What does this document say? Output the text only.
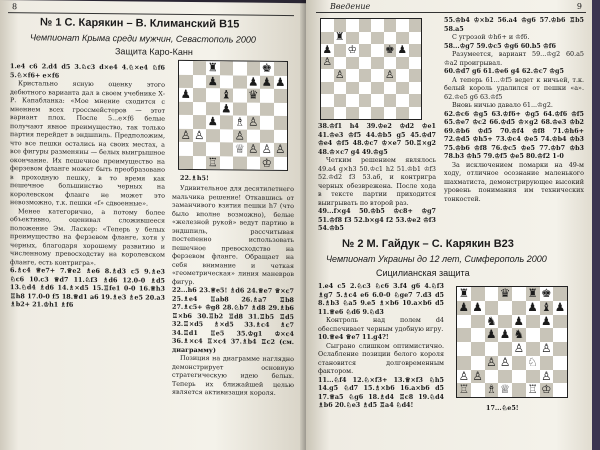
8
№ 1 С. Карякин – В. Климанский В15
Чемпионат Крыма среди мужчин, Севастополь 2000
Защита Каро-Канн

1.e4 c6 2.d4 d5 3.♘c3 d×e4 4.♘×e4 ♘f6 5.♘×f6+ e×f6

Кристально ясную оценку этого дебютного варианта дал в своем учебнике Х-Р. Капабланка: «Мое мнение сходится с мнением всех гроссмейстеров — этот вариант плох. После 5...e×f6 белые получают явное преимущество, так только партия перейдет в эндшпиль. Предположим, что все пешки остались на своих местах, а все фигуры разменяны — белых выигрышное окончание. Их пешечное преимущество на ферзевом фланге может быть преобразовано в проходную пешку, в то время как пешечное большинство черных на королевском фланге не может это невозможно, т.к. пешки «f» сдвоенные».

Менее категорично, а потому более объективно, оценивал сложившееся положение Эм. Ласкер: «Теперь у белых преимущество на ферзевом фланге, хотя у черных, благодаря хорошему развитию и численному превосходству на королевском фланге, есть контригра».

6.♗c4 ♕e7+ 7.♕e2 ♗e6 8.♗d3 c5 9.♗e3 ♘c6 10.c3 ♕d7 11.♘f3 ♗d6 12.0-0 ♗d5 13.♘d4 ♗d6 14.♗×d5 15.♖fe1 0-0 16.♕h3 ♖h8 17.0-0 f5 18.♕d1 a6 19.♗e3 ♗e5 20.a3 ♗b2+ 21.♔h1 ♗f6

♜	♚
♟	♟ ♟ ♟
♟	♝ ♛
♟
♟ ♗ ♙
♙ ♙	♙
♕ ♙ ♙ ♙
♖	♔
22.♗h5!

Удивительное для десятилетнего мальчика решение! Откавшись от заманчивого взятия пешки h7 (что было вполне возможно), белые «железной рукой» ведут партию в эндшпиль, рассчитывая постепенно использовать пешечное превосходство на ферзевом фланге. Обращает на себя внимание и четкая «геометрическая» линия маневров фигур.

22...h6 23.♕e5! ♗d6 24.♕e7 ♕×c7 25.♗e4 ♖ab8 26.♗a7 ♖b8 27.♗c5+ ♔g8 28.♘b7 ♗d8 29.♗b6 ♖×b6 30.♖b2 ♖d8 31.♖b5 ♖d5 32.♖×d5 ♗×d5 33.♗c4 ♗c7 34.♖d1 ♖e5 35.♔g1 ♔×c4 36.♗×c4 ♖×c4 37.♗b4 ♖c2 (см. диаграмму)

Позиция на диаграмме наглядно демонстрирует основную стратегическую идею белых. Теперь их ближайшей целью является активизация короля.

Введение	9
♜
♟ ♔	♚ ♟
♙
♙	♙

38.♔f1 h4 39.♔e2 ♔d2 ♔e1 41.♔e3 ♔f5 44.♔b5 g5 45.♔d7 ♔e4 ♔f5 48.♔c7 ♔×e7 50.♖×g2 48.♔×c7 g4 49.♔g5

Четким решением являлось 49.a4 g×h3 50.♔c1 h2 51.♔b1 ♔f3 52.♔d2 f3 53.a6, и контригра черных обезврежена. После хода в тексте партии приходится выигрывать по второй раз.

49...f×g4 50.♔b5 ♔c8+ ♔g7 51.♔f8 f3 52.b×g4 f2 53.♔e2 ♔f3 54.♔b5

55.♔b4 ♔×b2 56.a4 ♔g6 57.♔b6 ♖b5 58.a5

С угрозой ♔h6+ и ♔f6.

58...♔g7 59.♔c5 ♔g6 60.b5 ♔f6

Разумеется, вариант 59...♔g2 60.a5 ♔a2 проигрывал.

60.♔d7 g6 61.♔e6 g4 62.♔c7 ♔g5

А теперь 61...♔f5 ведет к ничьей, т.к. белый король удалился от пешки «a». 62.♔e5 g6 63.♔f5

Вновь ничью давало 61...♔g2.

62.♔c6 ♔g5 63.♔f6+ ♔g5 64.♔f6 ♔f5 65.♔e7 ♔c2 66.♔d5 ♔×g2 68.♔e3 ♔b2 69.♔b6 ♔d5 70.♔f4 ♔f8 71.♔h6+ 72.♔d5 ♔h5+ 73.♔c4 ♔e5 74.♔b4 ♔b3 75.♔b6 ♔f8 76.♔c5 ♔e5 77.♔b7 ♔b3 78.b3 ♔h5 79.♔f5 ♔e5 80.♔f2 1-0

За исключением помарки на 49-м ходу, отличное осознание маленького шахматиста, демонстрирующее высокий уровень понимания им технических тонкостей.

№ 2 М. Гайдук – С. Карякин В23
Чемпионат Украины до 12 лет, Симферополь 2000
Сицилианская защита

1.e4 c5 2.♘c3 ♘c6 3.f4 g6 4.♘f3 ♗g7 5.♗c4 e6 6.0-0 ♘ge7 7.d3 d5 8.♗b3 ♘a5 9.e5 ♗×b6 10.a×b6 d5 11.♕e6 ♘d6 9.♘d3

Контроль над полем d4 обеспечивает черным удобную игру.

10.♕e4 ♕e7 11.g4?!

Сыграно слишком оптимистично. Ослабление позиции белого короля становится долговременным фактором.

11...♘f4 12.♘×f3+ 13.♕×f3 ♘h5 14.g5 ♘d7 15.♗×b6 16.a×b6 d5 17.♕a5 ♘g6 18.♗d4 ♖c8 19.♘d4 ♗b6 20.♘e3 ♗d5 ♖a4 ♘d4!

♜	♛ ♜ ♚
♟ ♟	♟ ♝ ♟
♞ ♟ ♟
♟ ♟ ♞
♙ ♙
♙ ♙ ♘
♙ ♙	♙
♖ ♗ ♕ ♖ ♔
17...♘e5!
